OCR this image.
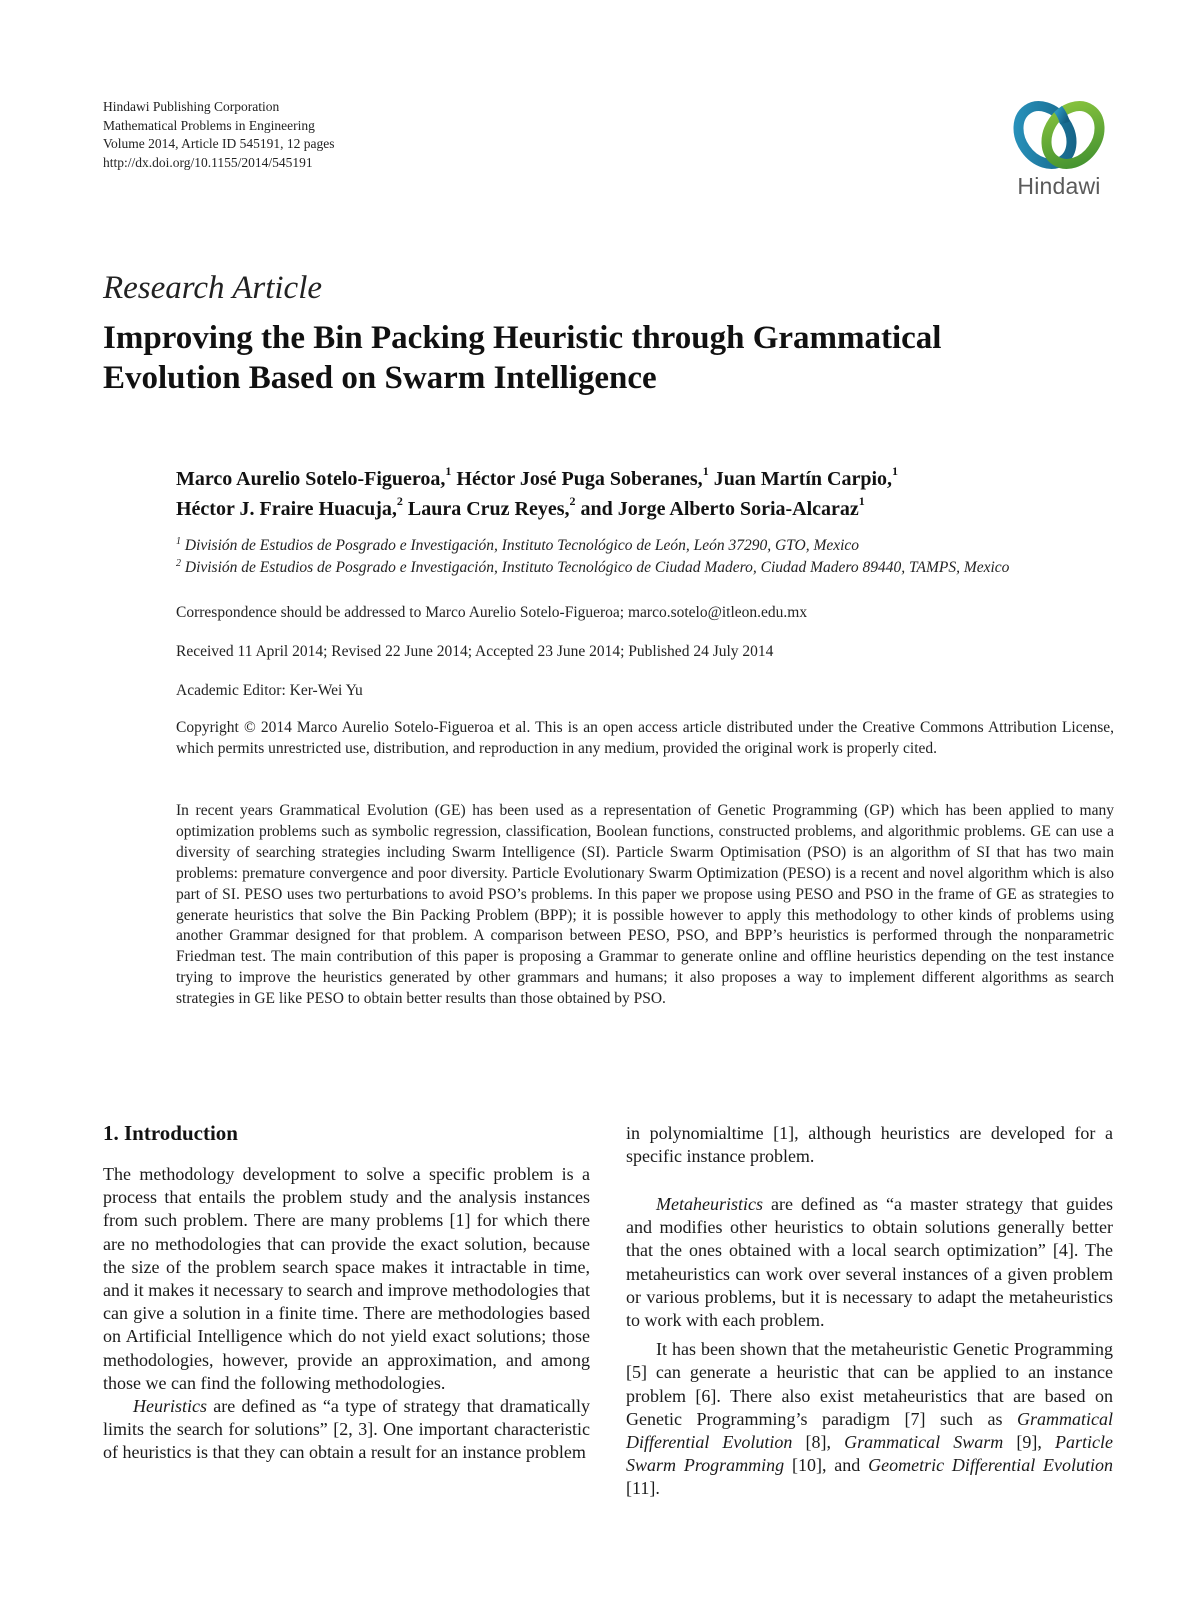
Hindawi Publishing Corporation
Mathematical Problems in Engineering
Volume 2014, Article ID 545191, 12 pages
http://dx.doi.org/10.1155/2014/545191
Hindawi
Research Article
Improving the Bin Packing Heuristic through Grammatical
Evolution Based on Swarm Intelligence
Marco Aurelio Sotelo-Figueroa,$^1$ Héctor José Puga Soberanes,$^1$ Juan Martín Carpio,$^1$
Héctor J. Fraire Huacuja,$^2$ Laura Cruz Reyes,$^2$ and Jorge Alberto Soria-Alcaraz$^1$
$^1$ División de Estudios de Posgrado e Investigación, Instituto Tecnológico de León, León 37290, GTO, Mexico
$^2$ División de Estudios de Posgrado e Investigación, Instituto Tecnológico de Ciudad Madero, Ciudad Madero 89440, TAMPS, Mexico
Correspondence should be addressed to Marco Aurelio Sotelo-Figueroa; marco.sotelo@itleon.edu.mx
Received 11 April 2014; Revised 22 June 2014; Accepted 23 June 2014; Published 24 July 2014
Academic Editor: Ker-Wei Yu
Copyright © 2014 Marco Aurelio Sotelo-Figueroa et al. This is an open access article distributed under the Creative Commons Attribution License, which permits unrestricted use, distribution, and reproduction in any medium, provided the original work is properly cited.
In recent years Grammatical Evolution (GE) has been used as a representation of Genetic Programming (GP) which has been applied to many optimization problems such as symbolic regression, classification, Boolean functions, constructed problems, and algorithmic problems. GE can use a diversity of searching strategies including Swarm Intelligence (SI). Particle Swarm Optimisation (PSO) is an algorithm of SI that has two main problems: premature convergence and poor diversity. Particle Evolutionary Swarm Optimization (PESO) is a recent and novel algorithm which is also part of SI. PESO uses two perturbations to avoid PSO’s problems. In this paper we propose using PESO and PSO in the frame of GE as strategies to generate heuristics that solve the Bin Packing Problem (BPP); it is possible however to apply this methodology to other kinds of problems using another Grammar designed for that problem. A comparison between PESO, PSO, and BPP’s heuristics is performed through the nonparametric Friedman test. The main contribution of this paper is proposing a Grammar to generate online and offline heuristics depending on the test instance trying to improve the heuristics generated by other grammars and humans; it also proposes a way to implement different algorithms as search strategies in GE like PESO to obtain better results than those obtained by PSO.
1. Introduction

The methodology development to solve a specific problem is a process that entails the problem study and the analysis instances from such problem. There are many problems [1] for which there are no methodologies that can provide the exact solution, because the size of the problem search space makes it intractable in time, and it makes it necessary to search and improve methodologies that can give a solution in a finite time. There are methodologies based on Artificial Intelligence which do not yield exact solutions; those methodologies, however, provide an approximation, and among those we can find the following methodologies.

Heuristics are defined as “a type of strategy that dramatically limits the search for solutions” [2, 3]. One important characteristic of heuristics is that they can obtain a result for an instance problem

in polynomialtime [1], although heuristics are developed for a specific instance problem.

Metaheuristics are defined as “a master strategy that guides and modifies other heuristics to obtain solutions generally better that the ones obtained with a local search optimization” [4]. The metaheuristics can work over several instances of a given problem or various problems, but it is necessary to adapt the metaheuristics to work with each problem.

It has been shown that the metaheuristic Genetic Programming [5] can generate a heuristic that can be applied to an instance problem [6]. There also exist metaheuristics that are based on Genetic Programming’s paradigm [7] such as Grammatical Differential Evolution [8], Grammatical Swarm [9], Particle Swarm Programming [10], and Geometric Differential Evolution [11].
